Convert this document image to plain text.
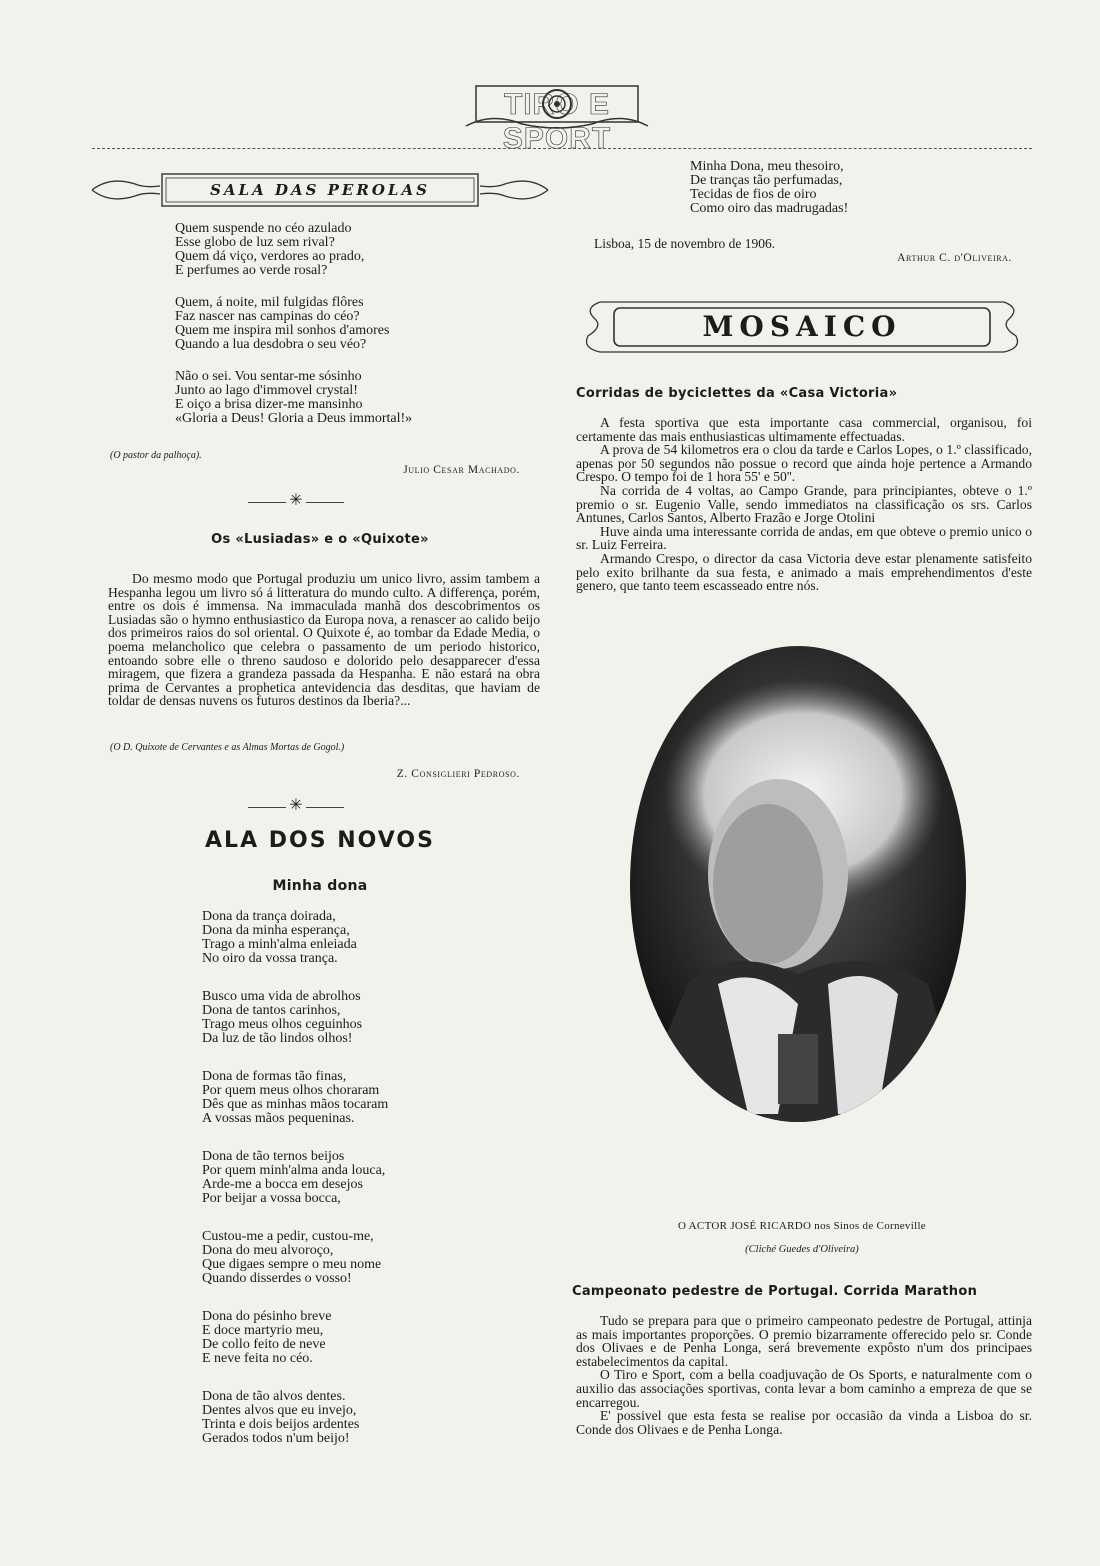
TIRO E SPORT
SALA DAS PEROLAS
Quem suspende no céo azulado
Esse globo de luz sem rival?
Quem dá viço, verdores ao prado,
E perfumes ao verde rosal?
Quem, á noite, mil fulgidas flôres
Faz nascer nas campinas do céo?
Quem me inspira mil sonhos d'amores
Quando a lua desdobra o seu véo?
Não o sei. Vou sentar-me sósinho
Junto ao lago d'immovel crystal!
E oiço a brisa dizer-me mansinho
«Gloria a Deus! Gloria a Deus immortal!»
(O pastor da palhoça).
Julio Cesar Machado.
✳
Os «Lusiadas» e o «Quixote»

Do mesmo modo que Portugal produziu um unico livro, assim tambem a Hespanha legou um livro só á litteratura do mundo culto. A differença, porém, entre os dois é immensa. Na immaculada manhã dos descobrimentos os Lusiadas são o hymno enthusiastico da Europa nova, a renascer ao calido beijo dos primeiros raios do sol oriental. O Quixote é, ao tombar da Edade Media, o poema melancholico que celebra o passamento de um periodo historico, entoando sobre elle o threno saudoso e dolorido pelo desapparecer d'essa miragem, que fizera a grandeza passada da Hespanha. E não estará na obra prima de Cervantes a prophetica antevidencia das desditas, que haviam de toldar de densas nuvens os futuros destinos da Iberia?...

(O D. Quixote de Cervantes e as Almas Mortas de Gogol.)
Z. Consiglieri Pedroso.
✳
ALA DOS NOVOS
Minha dona
Dona da trança doirada,
Dona da minha esperança,
Trago a minh'alma enleiada
No oiro da vossa trança.
Busco uma vida de abrolhos
Dona de tantos carinhos,
Trago meus olhos ceguinhos
Da luz de tão lindos olhos!
Dona de formas tão finas,
Por quem meus olhos choraram
Dês que as minhas mãos tocaram
A vossas mãos pequeninas.
Dona de tão ternos beijos
Por quem minh'alma anda louca,
Arde-me a bocca em desejos
Por beijar a vossa bocca,
Custou-me a pedir, custou-me,
Dona do meu alvoroço,
Que digaes sempre o meu nome
Quando disserdes o vosso!
Dona do pésinho breve
E doce martyrio meu,
De collo feito de neve
E neve feita no céo.
Dona de tão alvos dentes.
Dentes alvos que eu invejo,
Trinta e dois beijos ardentes
Gerados todos n'um beijo!
Minha Dona, meu thesoiro,
De tranças tão perfumadas,
Tecidas de fios de oiro
Como oiro das madrugadas!
Lisboa, 15 de novembro de 1906.
Arthur C. d'Oliveira.
MOSAICO
Corridas de byciclettes da «Casa Victoria»

A festa sportiva que esta importante casa commercial, organisou, foi certamente das mais enthusiasticas ultimamente effectuadas.

A prova de 54 kilometros era o clou da tarde e Carlos Lopes, o 1.º classificado, apenas por 50 segundos não possue o record que ainda hoje pertence a Armando Crespo. O tempo foi de 1 hora 55' e 50''.

Na corrida de 4 voltas, ao Campo Grande, para principiantes, obteve o 1.º premio o sr. Eugenio Valle, sendo immediatos na classificação os srs. Carlos Antunes, Carlos Santos, Alberto Frazão e Jorge Otolini

Huve ainda uma interessante corrida de andas, em que obteve o premio unico o sr. Luiz Ferreira.

Armando Crespo, o director da casa Victoria deve estar plenamente satisfeito pelo exito brilhante da sua festa, e animado a mais emprehendimentos d'este genero, que tanto teem escasseado entre nós.

O ACTOR JOSÉ RICARDO nos Sinos de Corneville
(Cliché Guedes d'Oliveira)
Campeonato pedestre de Portugal. Corrida Marathon

Tudo se prepara para que o primeiro campeonato pedestre de Portugal, attinja as mais importantes proporções. O premio bizarramente offerecido pelo sr. Conde dos Olivaes e de Penha Longa, será brevemente expôsto n'um dos principaes estabelecimentos da capital.

O Tiro e Sport, com a bella coadjuvação de Os Sports, e naturalmente com o auxilio das associações sportivas, conta levar a bom caminho a empreza de que se encarregou.

E' possivel que esta festa se realise por occasião da vinda a Lisboa do sr. Conde dos Olivaes e de Penha Longa.
